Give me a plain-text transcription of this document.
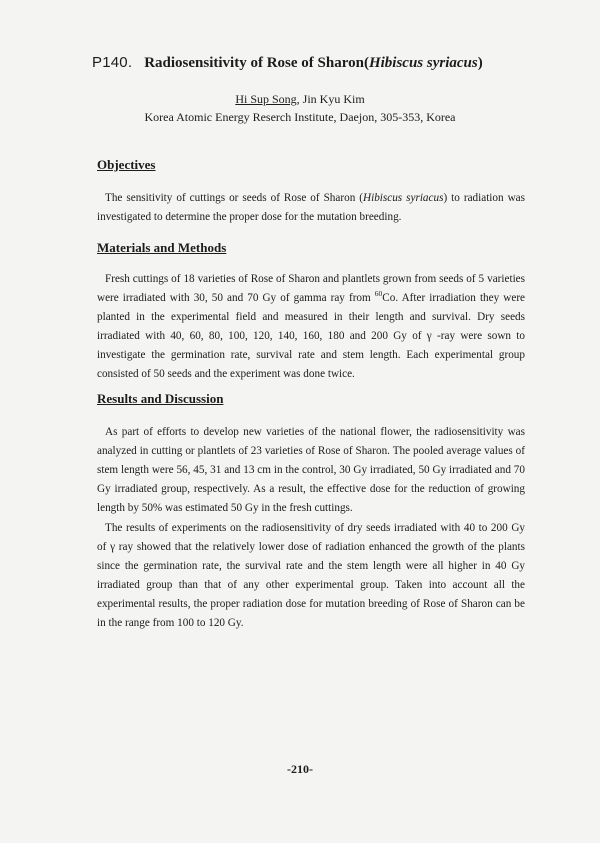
P140. Radiosensitivity of Rose of Sharon(Hibiscus syriacus)
Hi Sup Song, Jin Kyu Kim
Korea Atomic Energy Reserch Institute, Daejon, 305-353, Korea
Objectives

The sensitivity of cuttings or seeds of Rose of Sharon (Hibiscus syriacus) to radiation was investigated to determine the proper dose for the mutation breeding.

Materials and Methods

Fresh cuttings of 18 varieties of Rose of Sharon and plantlets grown from seeds of 5 varieties were irradiated with 30, 50 and 70 Gy of gamma ray from $^{60}$Co. After irradiation they were planted in the experimental field and measured in their length and survival. Dry seeds irradiated with 40, 60, 80, 100, 120, 140, 160, 180 and 200 Gy of γ -ray were sown to investigate the germination rate, survival rate and stem length. Each experimental group consisted of 50 seeds and the experiment was done twice.

Results and Discussion

As part of efforts to develop new varieties of the national flower, the radiosensitivity was analyzed in cutting or plantlets of 23 varieties of Rose of Sharon. The pooled average values of stem length were 56, 45, 31 and 13 cm in the control, 30 Gy irradiated, 50 Gy irradiated and 70 Gy irradiated group, respectively. As a result, the effective dose for the reduction of growing length by 50% was estimated 50 Gy in the fresh cuttings.

The results of experiments on the radiosensitivity of dry seeds irradiated with 40 to 200 Gy of γ ray showed that the relatively lower dose of radiation enhanced the growth of the plants since the germination rate, the survival rate and the stem length were all higher in 40 Gy irradiated group than that of any other experimental group. Taken into account all the experimental results, the proper radiation dose for mutation breeding of Rose of Sharon can be in the range from 100 to 120 Gy.

-210-
